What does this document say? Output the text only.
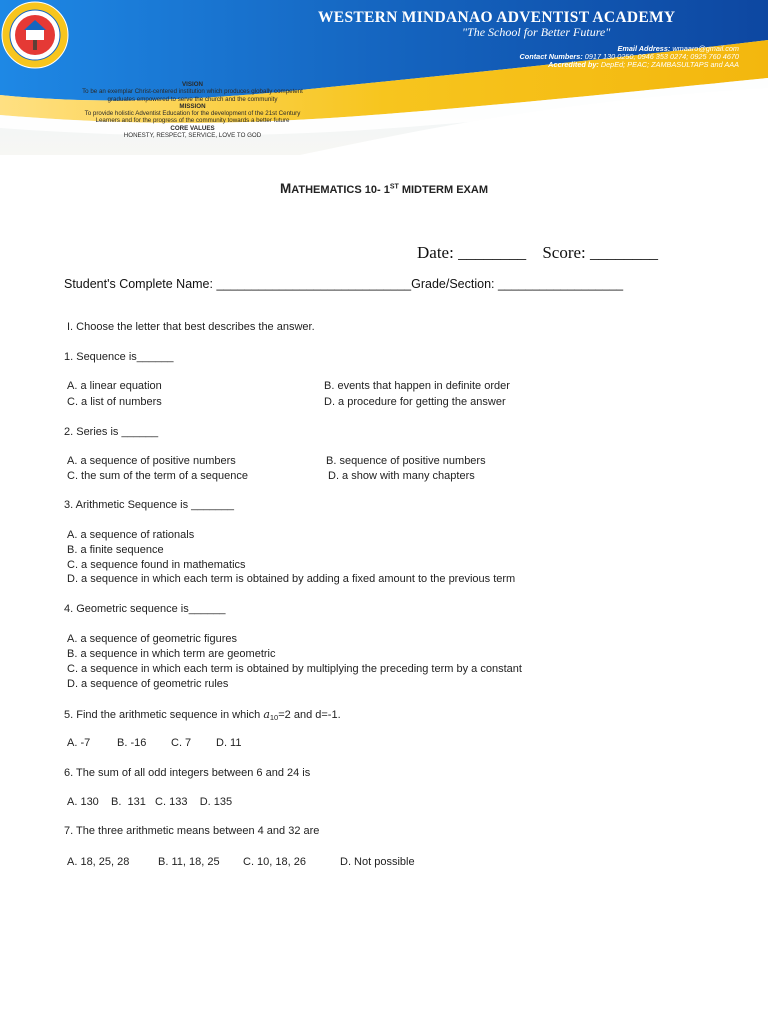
WESTERN MINDANAO ADVENTIST ACADEMY
"The School for Better Future"
Email Address: wmaaro@gmail.com
Contact Numbers: 0917 130 0250, 0946 353 0274; 0925 760 4670
Accredited by: DepEd; PEAC; ZAMBASULTAPS and AAA
VISION
To be an exemplar Christ-centered institution which produces globally competent
graduates empowered to serve the church and the community
MISSION
To provide holistic Adventist Education for the development of the 21st Century
Learners and for the progress of the community towards a better future
CORE VALUES
HONESTY, RESPECT, SERVICE, LOVE TO GOD
MATHEMATICS 10- 1ST MIDTERM EXAM
Date: ________ Score: ________
Student's Complete Name: ____________________________Grade/Section: __________________
I. Choose the letter that best describes the answer.
1. Sequence is______
A. a linear equation	B. events that happen in definite order
C. a list of numbers	D. a procedure for getting the answer
2. Series is ______
A. a sequence of positive numbers	B. sequence of positive numbers
C. the sum of the term of a sequence	D. a show with many chapters
3. Arithmetic Sequence is _______
A. a sequence of rationals
B. a finite sequence
C. a sequence found in mathematics
D. a sequence in which each term is obtained by adding a fixed amount to the previous term
4. Geometric sequence is______
A. a sequence of geometric figures
B. a sequence in which term are geometric
C. a sequence in which each term is obtained by multiplying the preceding term by a constant
D. a sequence of geometric rules
5. Find the arithmetic sequence in which a10=2 and d=-1.
A. -7 B. -16 C. 7 D. 11
6. The sum of all odd integers between 6 and 24 is
A. 130    B.  131   C. 133    D. 135
7. The three arithmetic means between 4 and 32 are
A. 18, 25, 28	B. 11, 18, 25 C. 10, 18, 26	D. Not possible
